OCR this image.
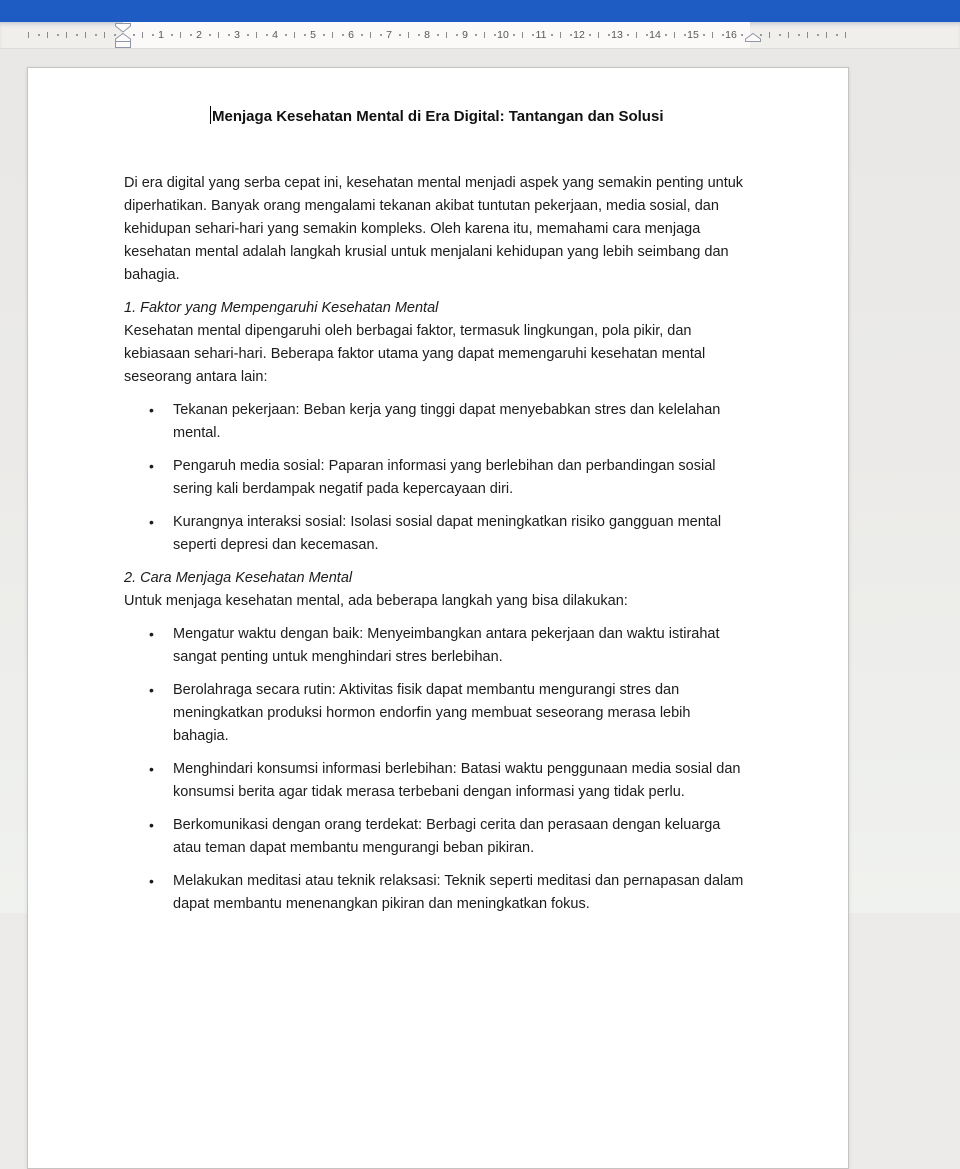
1	2	3	4	5	6	7	8	9	10	11	12	13	14	15	16
Menjaga Kesehatan Mental di Era Digital: Tantangan dan Solusi
Di era digital yang serba cepat ini, kesehatan mental menjadi aspek yang semakin penting untuk diperhatikan. Banyak orang mengalami tekanan akibat tuntutan pekerjaan, media sosial, dan kehidupan sehari-hari yang semakin kompleks. Oleh karena itu, memahami cara menjaga kesehatan mental adalah langkah krusial untuk menjalani kehidupan yang lebih seimbang dan bahagia.
1. Faktor yang Mempengaruhi Kesehatan Mental
Kesehatan mental dipengaruhi oleh berbagai faktor, termasuk lingkungan, pola pikir, dan kebiasaan sehari-hari. Beberapa faktor utama yang dapat memengaruhi kesehatan mental seseorang antara lain:
• Tekanan pekerjaan: Beban kerja yang tinggi dapat menyebabkan stres dan kelelahan mental.
• Pengaruh media sosial: Paparan informasi yang berlebihan dan perbandingan sosial sering kali berdampak negatif pada kepercayaan diri.
• Kurangnya interaksi sosial: Isolasi sosial dapat meningkatkan risiko gangguan mental seperti depresi dan kecemasan.
2. Cara Menjaga Kesehatan Mental
Untuk menjaga kesehatan mental, ada beberapa langkah yang bisa dilakukan:
• Mengatur waktu dengan baik: Menyeimbangkan antara pekerjaan dan waktu istirahat sangat penting untuk menghindari stres berlebihan.
• Berolahraga secara rutin: Aktivitas fisik dapat membantu mengurangi stres dan meningkatkan produksi hormon endorfin yang membuat seseorang merasa lebih bahagia.
• Menghindari konsumsi informasi berlebihan: Batasi waktu penggunaan media sosial dan konsumsi berita agar tidak merasa terbebani dengan informasi yang tidak perlu.
• Berkomunikasi dengan orang terdekat: Berbagi cerita dan perasaan dengan keluarga atau teman dapat membantu mengurangi beban pikiran.
• Melakukan meditasi atau teknik relaksasi: Teknik seperti meditasi dan pernapasan dalam dapat membantu menenangkan pikiran dan meningkatkan fokus.
